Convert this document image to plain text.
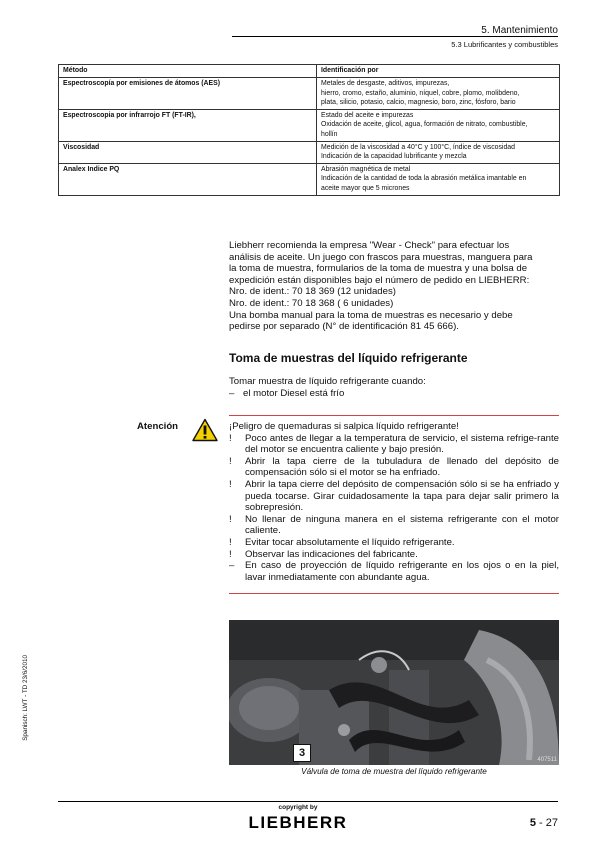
5. Mantenimiento
5.3 Lubrificantes y combustibles
Método	Identificación por
Espectroscopía por emisiones de átomos (AES)	Metales de desgaste, aditivos, impurezas,
hierro, cromo, estaño, aluminio, níquel, cobre, plomo, molibdeno,
plata, silicio, potasio, calcio, magnesio, boro, zinc, fósforo, bario

Espectroscopia por infrarrojo FT (FT-IR),	Estado del aceite e impurezas
Oxidación de aceite, glicol, agua, formación de nitrato, combustible,
hollín

Viscosidad	Medición de la viscosidad a 40°C y 100°C, índice de viscosidad
Indicación de la capacidad lubrificante y mezcla

Analex Indice PQ	Abrasión magnética de metal
Indicación de la cantidad de toda la abrasión metálica imantable en
aceite mayor que 5 micrones
Liebherr recomienda la empresa "Wear - Check" para efectuar los
análisis de aceite. Un juego con frascos para muestras, manguera para
la toma de muestra, formularios de la toma de muestra y una bolsa de
expedición están disponibles bajo el número de pedido en LIEBHERR:
Nro. de ident.: 70 18 369 (12 unidades)
Nro. de ident.: 70 18 368 ( 6 unidades)
Una bomba manual para la toma de muestras es necesario y debe
pedirse por separado (N° de identificación 81 45 666).
Toma de muestras del líquido refrigerante
Tomar muestra de líquido refrigerante cuando:
– el motor Diesel está frío
Atención	¡Peligro de quemaduras si salpica líquido refrigerante!
!	Poco antes de llegar a la temperatura de servicio, el sistema refrige-rante del motor se encuentra caliente y bajo presión.
!	Abrir la tapa cierre de la tubuladura de llenado del depósito de compensación sólo si el motor se ha enfriado.
!	Abrir la tapa cierre del depósito de compensación sólo si se ha enfriado y pueda tocarse. Girar cuidadosamente la tapa para dejar salir primero la sobrepresión.
!	No llenar de ninguna manera en el sistema refrigerante con el motor caliente.
!	Evitar tocar absolutamente el líquido refrigerante.
!	Observar las indicaciones del fabricante.
–	En caso de proyección de líquido refrigerante en los ojos o en la piel, lavar inmediatamente con abundante agua.
3
407511
Válvula de toma de muestra del líquido refrigerante
Spanisch: LWT - TD 23/6/2010
copyright by
LIEBHERR	5 - 27
